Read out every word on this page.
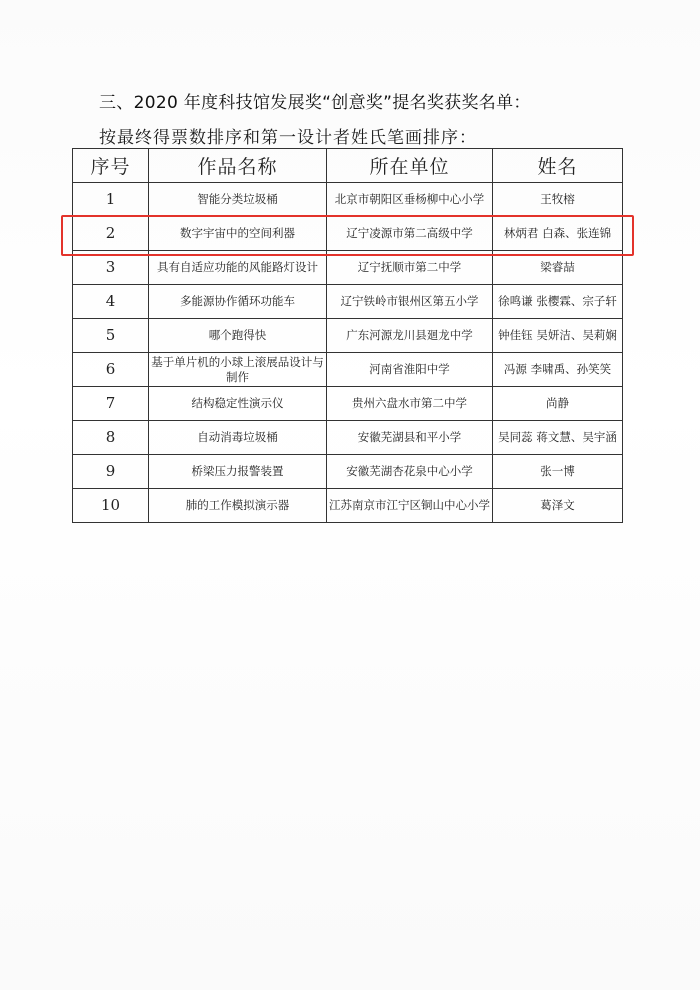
三、2020 年度科技馆发展奖“创意奖”提名奖获奖名单：
按最终得票数排序和第一设计者姓氏笔画排序：
序号	作品名称	所在单位	姓名
1	智能分类垃圾桶	北京市朝阳区垂杨柳中心小学	王牧榕
2	数字宇宙中的空间利器	辽宁凌源市第二高级中学	林炳君 白森、张连锦
3	具有自适应功能的风能路灯设计	辽宁抚顺市第二中学	梁睿喆
4	多能源协作循环功能车	辽宁铁岭市银州区第五小学	徐鸣谦 张樱霖、宗子轩
5	哪个跑得快	广东河源龙川县廻龙中学	钟佳钰 吴妍洁、吴莉娴
6	基于单片机的小球上滚展品设计与制作	河南省淮阳中学	冯源 李啸禹、孙笑笑
7	结构稳定性演示仪	贵州六盘水市第二中学	尚静
8	自动消毒垃圾桶	安徽芜湖县和平小学	吴同蕊 蒋文慧、吴宇涵
9	桥梁压力报警装置	安徽芜湖杏花泉中心小学	张一博
10	肺的工作模拟演示器	江苏南京市江宁区铜山中心小学	葛泽文
